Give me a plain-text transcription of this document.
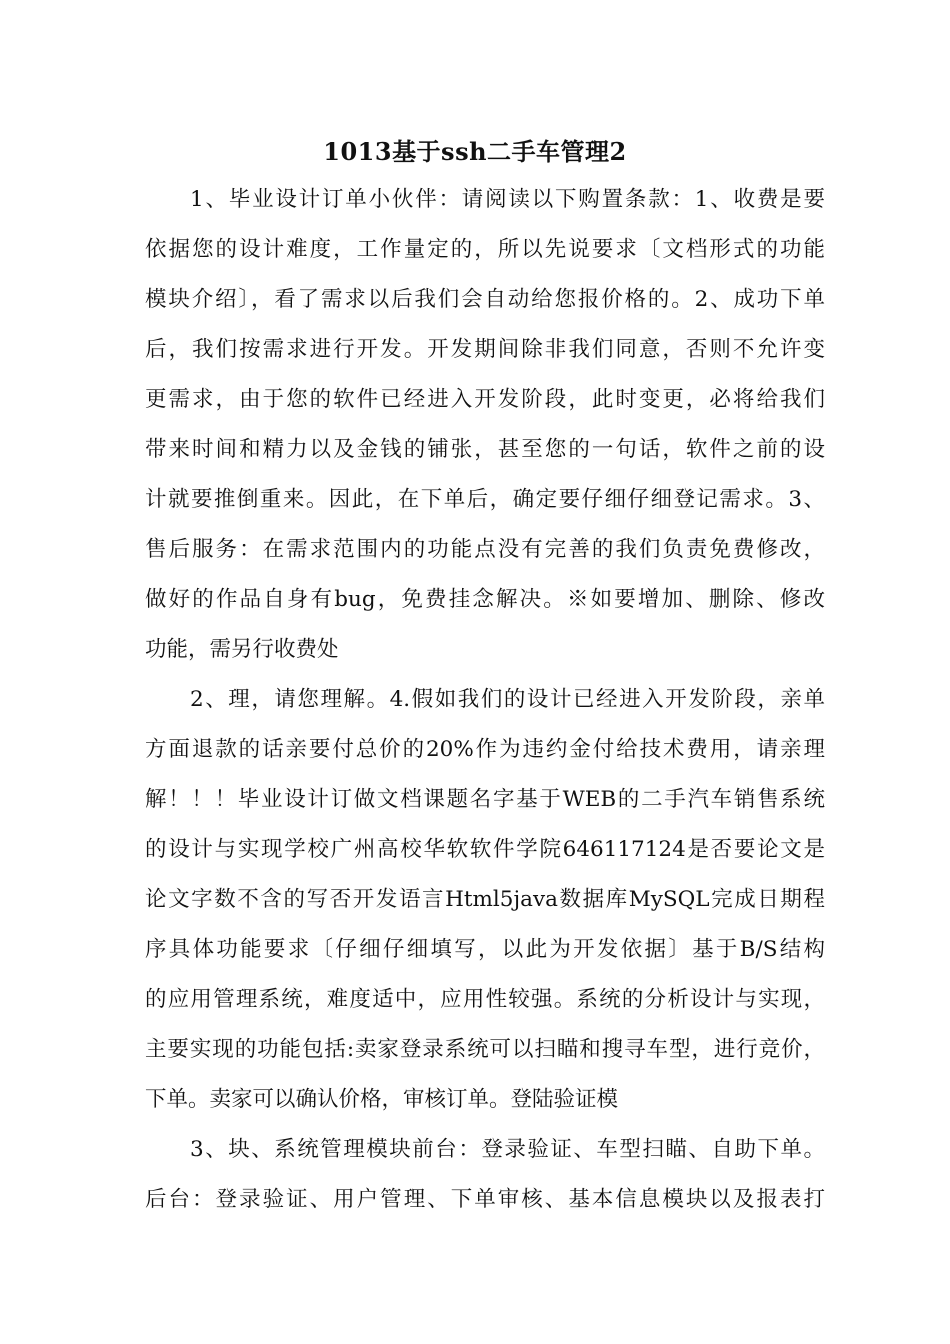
1013基于ssh二手车管理2
1、毕业设计订单小伙伴：请阅读以下购置条款：1、收费是要
依据您的设计难度，工作量定的，所以先说要求〔文档形式的功能
模块介绍〕，看了需求以后我们会自动给您报价格的。2、成功下单
后，我们按需求进行开发。开发期间除非我们同意，否则不允许变
更需求，由于您的软件已经进入开发阶段，此时变更，必将给我们
带来时间和精力以及金钱的铺张，甚至您的一句话，软件之前的设
计就要推倒重来。因此，在下单后，确定要仔细仔细登记需求。3、
售后服务：在需求范围内的功能点没有完善的我们负责免费修改，
做好的作品自身有bug，免费挂念解决。※如要增加、删除、修改
功能，需另行收费处
2、理，请您理解。4.假如我们的设计已经进入开发阶段，亲单
方面退款的话亲要付总价的20%作为违约金付给技术费用，请亲理
解！！！毕业设计订做文档课题名字基于WEB的二手汽车销售系统
的设计与实现学校广州高校华软软件学院646117124是否要论文是
论文字数不含的写否开发语言Html5java数据库MySQL完成日期程
序具体功能要求〔仔细仔细填写，以此为开发依据〕基于B/S结构
的应用管理系统，难度适中，应用性较强。系统的分析设计与实现，
主要实现的功能包括:卖家登录系统可以扫瞄和搜寻车型，进行竞价，
下单。卖家可以确认价格，审核订单。登陆验证模
3、块、系统管理模块前台：登录验证、车型扫瞄、自助下单。
后台：登录验证、用户管理、下单审核、基本信息模块以及报表打
